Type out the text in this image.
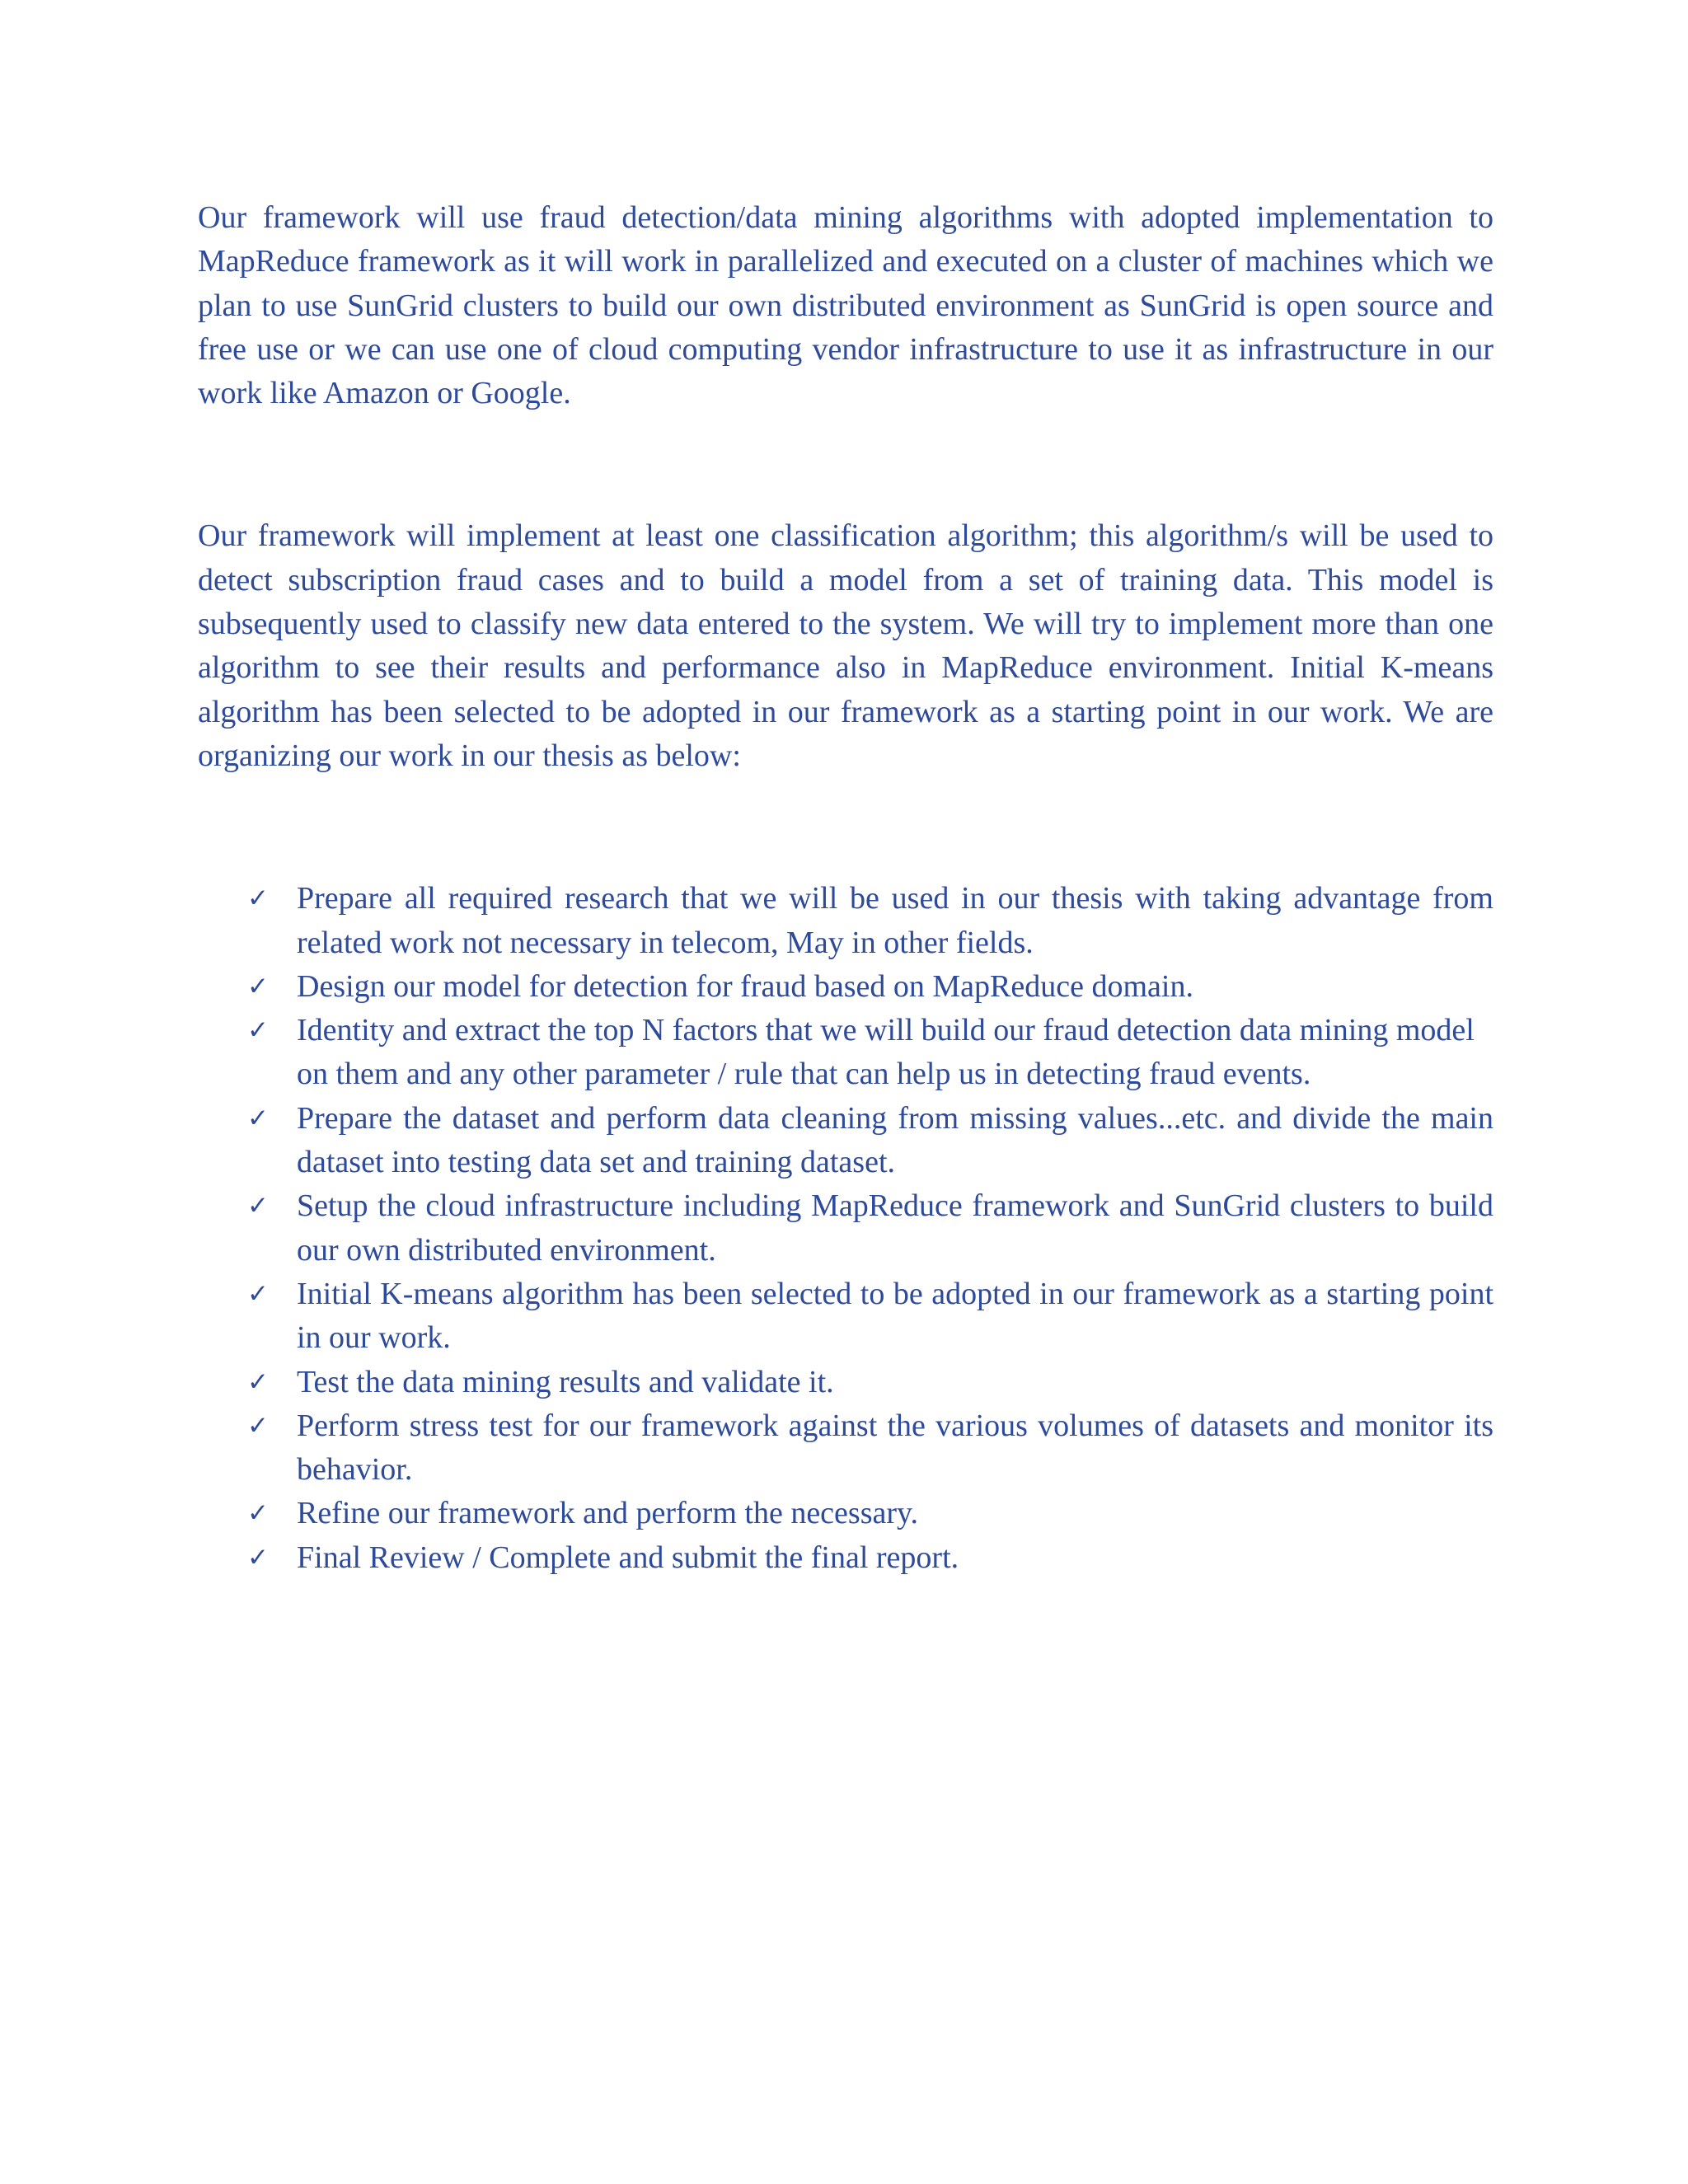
Our framework will use fraud detection/data mining algorithms with adopted implementation to MapReduce framework as it will work in parallelized and executed on a cluster of machines which we plan to use SunGrid clusters to build our own distributed environment as SunGrid is open source and free use or we can use one of cloud computing vendor infrastructure to use it as infrastructure in our work like Amazon or Google.

Our framework will implement at least one classification algorithm; this algorithm/s will be used to detect subscription fraud cases and to build a model from a set of training data. This model is subsequently used to classify new data entered to the system. We will try to implement more than one algorithm to see their results and performance also in MapReduce environment. Initial K-means algorithm has been selected to be adopted in our framework as a starting point in our work. We are organizing our work in our thesis as below:

✓ Prepare all required research that we will be used in our thesis with taking advantage from related work not necessary in telecom, May in other fields.
✓ Design our model for detection for fraud based on MapReduce domain.
✓ Identity and extract the top N factors that we will build our fraud detection data mining model on them and any other parameter / rule that can help us in detecting fraud events.
✓ Prepare the dataset and perform data cleaning from missing values...etc. and divide the main dataset into testing data set and training dataset.
✓ Setup the cloud infrastructure including MapReduce framework and SunGrid clusters to build our own distributed environment.
✓ Initial K-means algorithm has been selected to be adopted in our framework as a starting point in our work.
✓ Test the data mining results and validate it.
✓ Perform stress test for our framework against the various volumes of datasets and monitor its behavior.
✓ Refine our framework and perform the necessary.
✓ Final Review / Complete and submit the final report.
